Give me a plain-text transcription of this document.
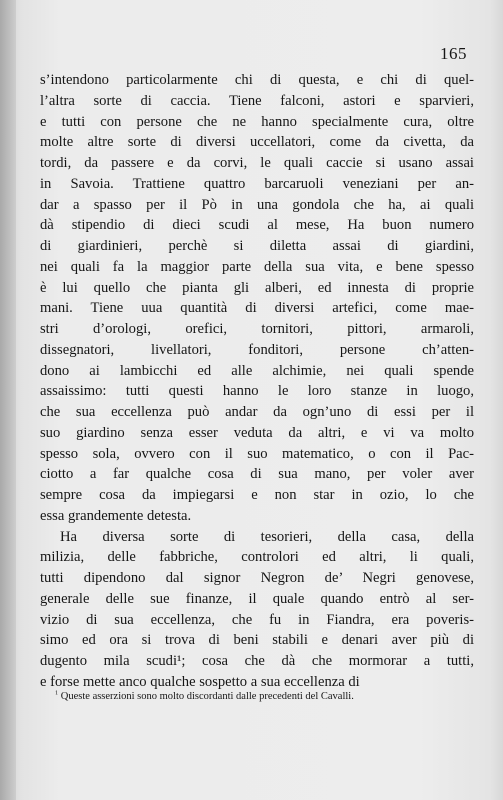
165
s’intendono particolarmente chi di questa, e chi di quel-
l’altra sorte di caccia. Tiene falconi, astori e sparvieri,
e tutti con persone che ne hanno specialmente cura, oltre
molte altre sorte di diversi uccellatori, come da civetta, da
tordi, da passere e da corvi, le quali caccie si usano assai
in Savoia. Trattiene quattro barcaruoli veneziani per an-
dar a spasso per il Pò in una gondola che ha, ai quali
dà stipendio di dieci scudi al mese, Ha buon numero
di giardinieri, perchè si diletta assai di giardini,
nei quali fa la maggior parte della sua vita, e bene spesso
è lui quello che pianta gli alberi, ed innesta di proprie
mani. Tiene uua quantità di diversi artefici, come mae-
stri d’orologi, orefici, tornitori, pittori, armaroli,
dissegnatori, livellatori, fonditori, persone ch’atten-
dono ai lambicchi ed alle alchimie, nei quali spende
assaissimo: tutti questi hanno le loro stanze in luogo,
che sua eccellenza può andar da ogn’uno di essi per il
suo giardino senza esser veduta da altri, e vi va molto
spesso sola, ovvero con il suo matematico, o con il Pac-
ciotto a far qualche cosa di sua mano, per voler aver
sempre cosa da impiegarsi e non star in ozio, lo che
essa grandemente detesta.
Ha diversa sorte di tesorieri, della casa, della
milizia, delle fabbriche, controlori ed altri, li quali,
tutti dipendono dal signor Negron de’ Negri genovese,
generale delle sue finanze, il quale quando entrò al ser-
vizio di sua eccellenza, che fu in Fiandra, era poveris-
simo ed ora si trova di beni stabili e denari aver più di
dugento mila scudi¹; cosa che dà che mormorar a tutti,
e forse mette anco qualche sospetto a sua eccellenza di
$^1$ Queste asserzioni sono molto discordanti dalle precedenti del Cavalli.
